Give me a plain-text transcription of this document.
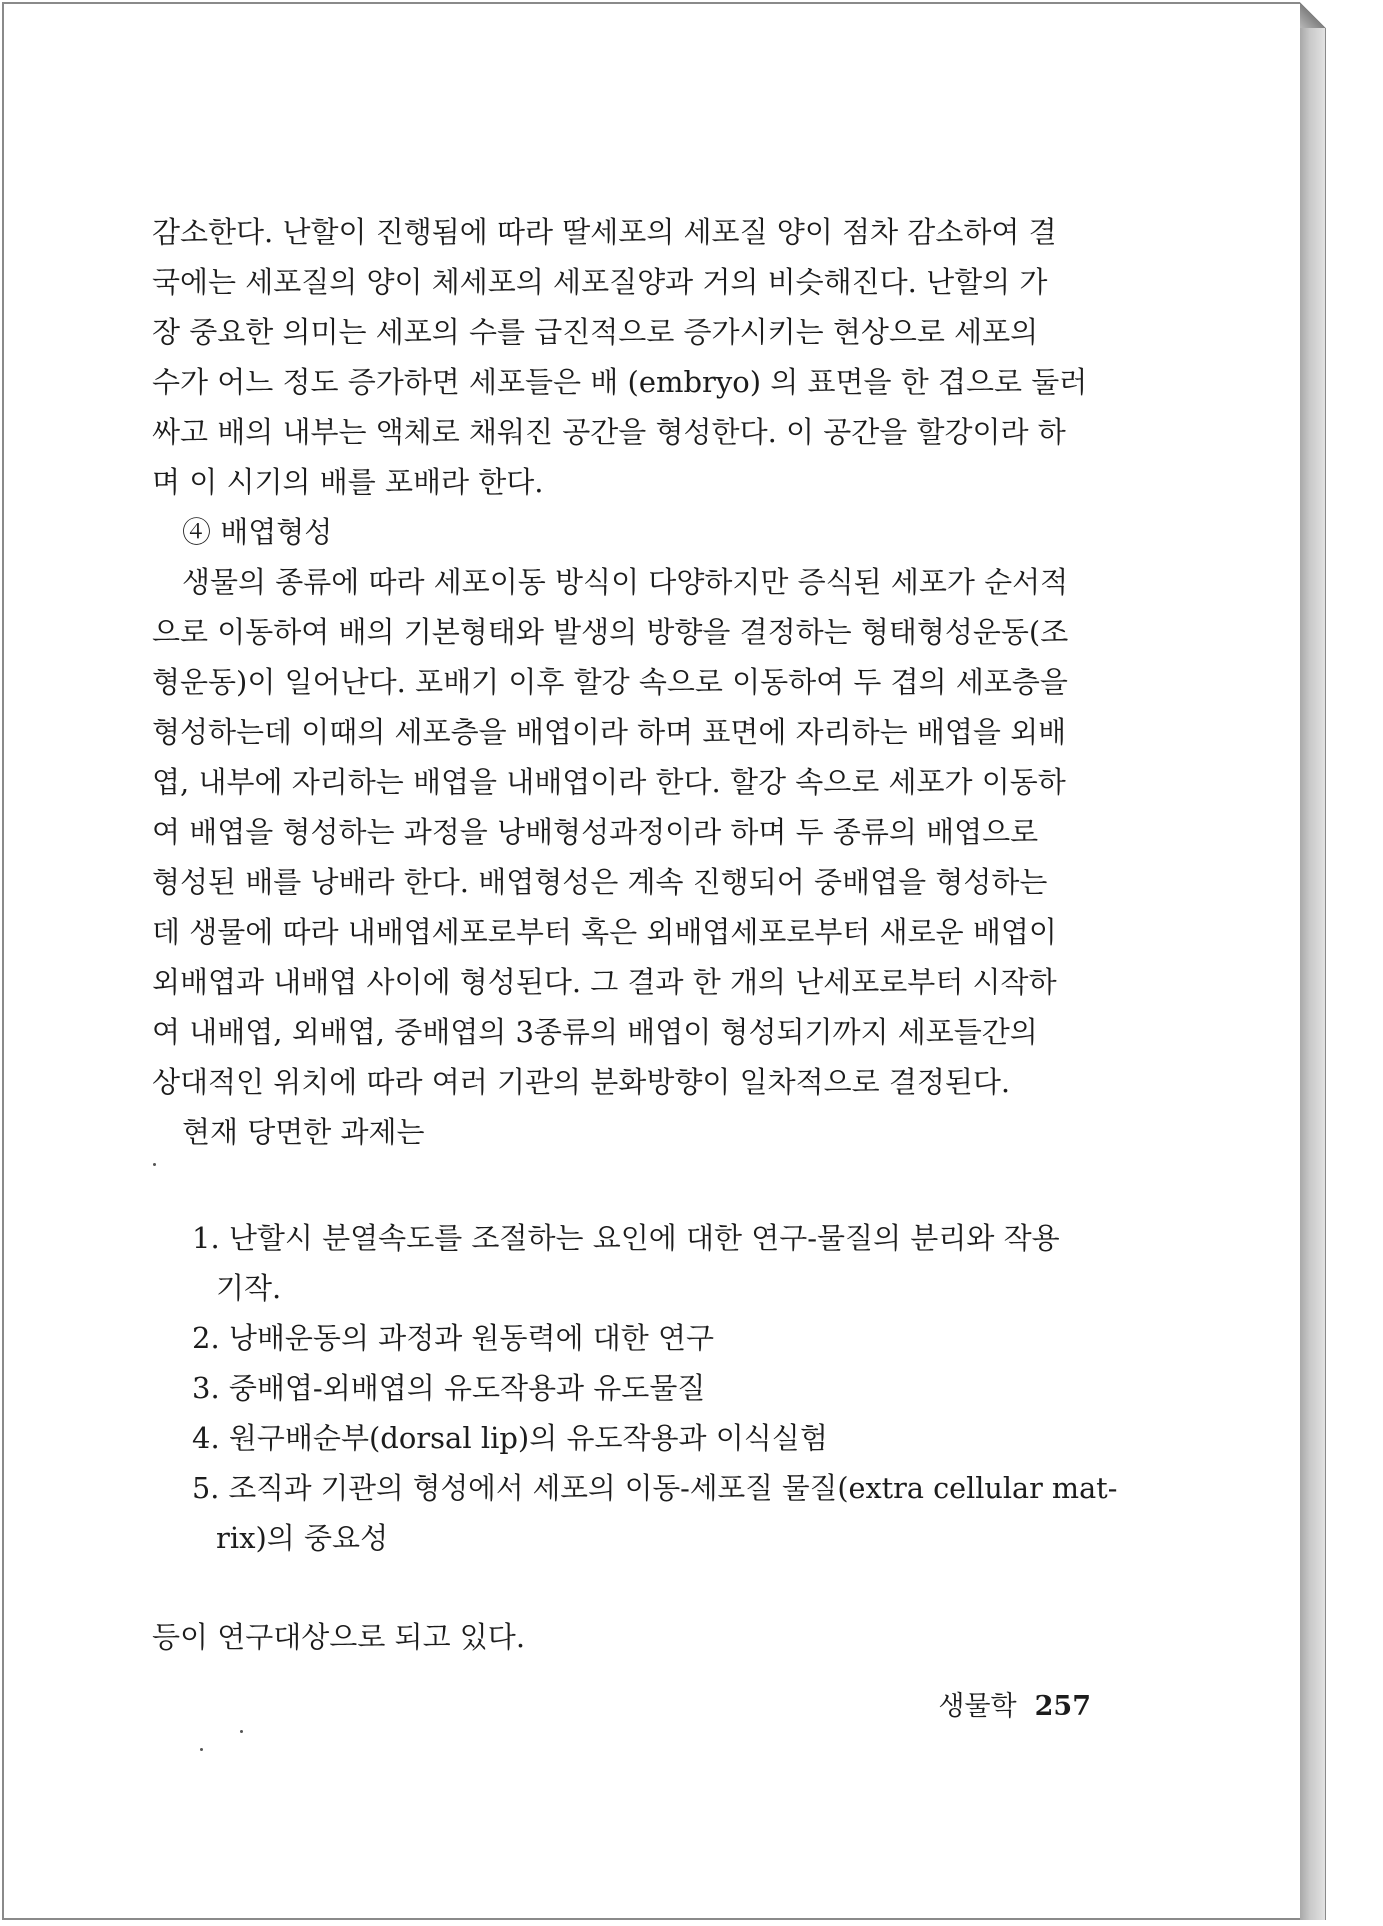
감소한다. 난할이 진행됨에 따라 딸세포의 세포질 양이 점차 감소하여 결
국에는 세포질의 양이 체세포의 세포질양과 거의 비슷해진다. 난할의 가
장 중요한 의미는 세포의 수를 급진적으로 증가시키는 현상으로 세포의
수가 어느 정도 증가하면 세포들은 배 (embryo) 의 표면을 한 겹으로 둘러
싸고 배의 내부는 액체로 채워진 공간을 형성한다. 이 공간을 할강이라 하
며 이 시기의 배를 포배라 한다.
④ 배엽형성
생물의 종류에 따라 세포이동 방식이 다양하지만 증식된 세포가 순서적
으로 이동하여 배의 기본형태와 발생의 방향을 결정하는 형태형성운동(조
형운동)이 일어난다. 포배기 이후 할강 속으로 이동하여 두 겹의 세포층을
형성하는데 이때의 세포층을 배엽이라 하며 표면에 자리하는 배엽을 외배
엽, 내부에 자리하는 배엽을 내배엽이라 한다. 할강 속으로 세포가 이동하
여 배엽을 형성하는 과정을 낭배형성과정이라 하며 두 종류의 배엽으로
형성된 배를 낭배라 한다. 배엽형성은 계속 진행되어 중배엽을 형성하는
데 생물에 따라 내배엽세포로부터 혹은 외배엽세포로부터 새로운 배엽이
외배엽과 내배엽 사이에 형성된다. 그 결과 한 개의 난세포로부터 시작하
여 내배엽, 외배엽, 중배엽의 3종류의 배엽이 형성되기까지 세포들간의
상대적인 위치에 따라 여러 기관의 분화방향이 일차적으로 결정된다.
현재 당면한 과제는
1. 난할시 분열속도를 조절하는 요인에 대한 연구-물질의 분리와 작용
기작.
2. 낭배운동의 과정과 원동력에 대한 연구
3. 중배엽-외배엽의 유도작용과 유도물질
4. 원구배순부(dorsal lip)의 유도작용과 이식실험
5. 조직과 기관의 형성에서 세포의 이동-세포질 물질(extra cellular mat-
rix)의 중요성
등이 연구대상으로 되고 있다.
생물학 257
